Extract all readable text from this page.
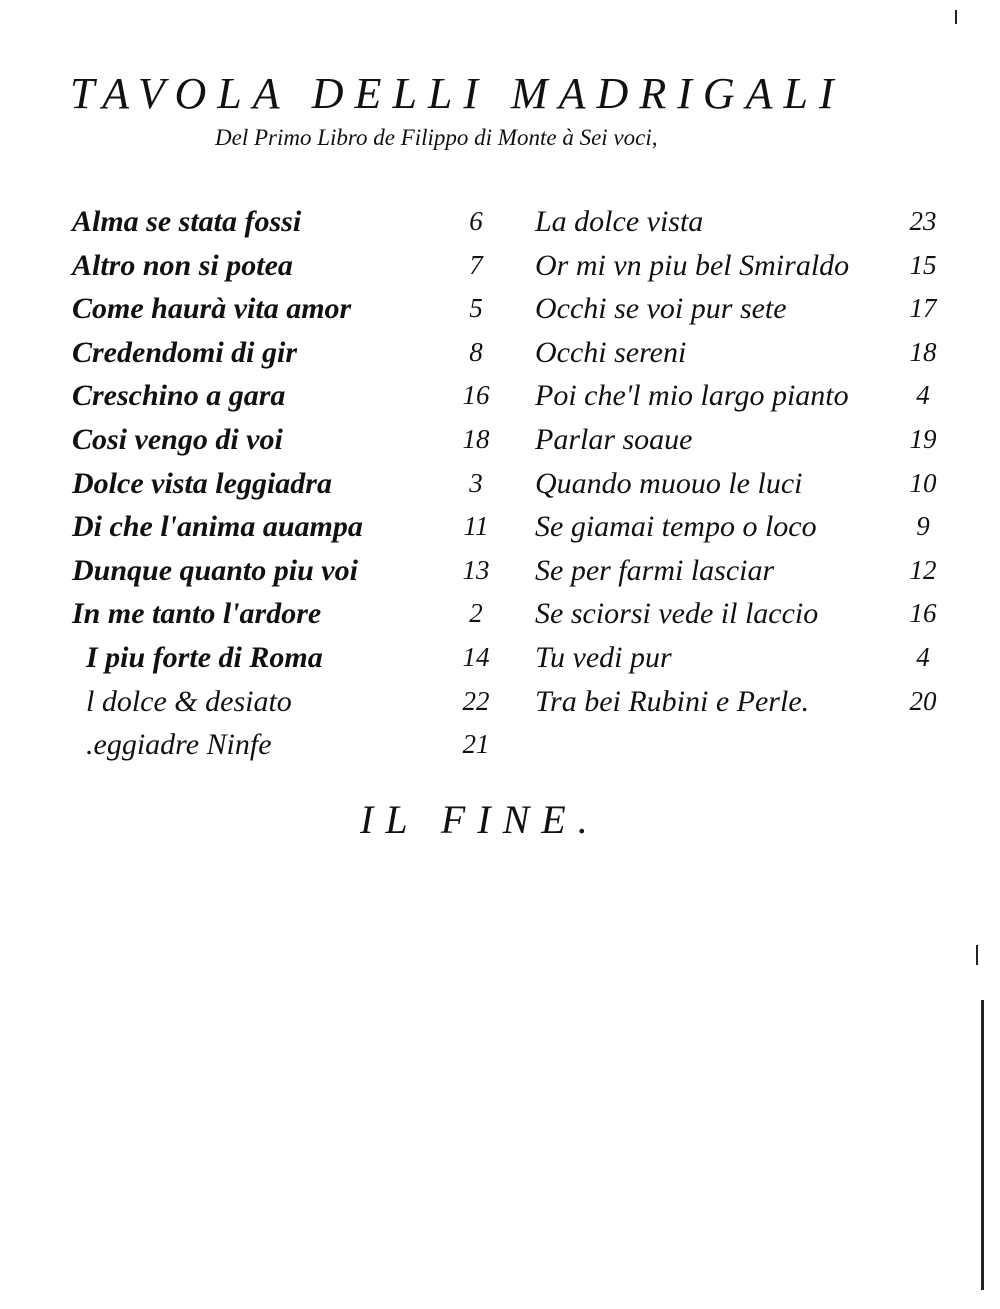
TAVOLA DELLI MADRIGALI
Del Primo Libro de Filippo di Monte à Sei voci,
Alma se stata fossi	6
Altro non si potea	7
Come haurà vita amor	5
Credendomi di gir	8
Creschino a gara	16
Cosi vengo di voi	18
Dolce vista leggiadra	3
Di che l'anima auampa	11
Dunque quanto piu voi	13
In me tanto l'ardore	2
I piu forte di Roma	14
l dolce & desiato	22
.eggiadre Ninfe	21
La dolce vista	23
Or mi vn piu bel Smiraldo 15
Occhi se voi pur sete	17
Occhi sereni	18
Poi che'l mio largo pianto	4
Parlar soaue	19
Quando muouo le luci	10
Se giamai tempo o loco	9
Se per farmi lasciar	12
Se sciorsi vede il laccio	16
Tu vedi pur	4
Tra bei Rubini e Perle.	20
IL FINE.
